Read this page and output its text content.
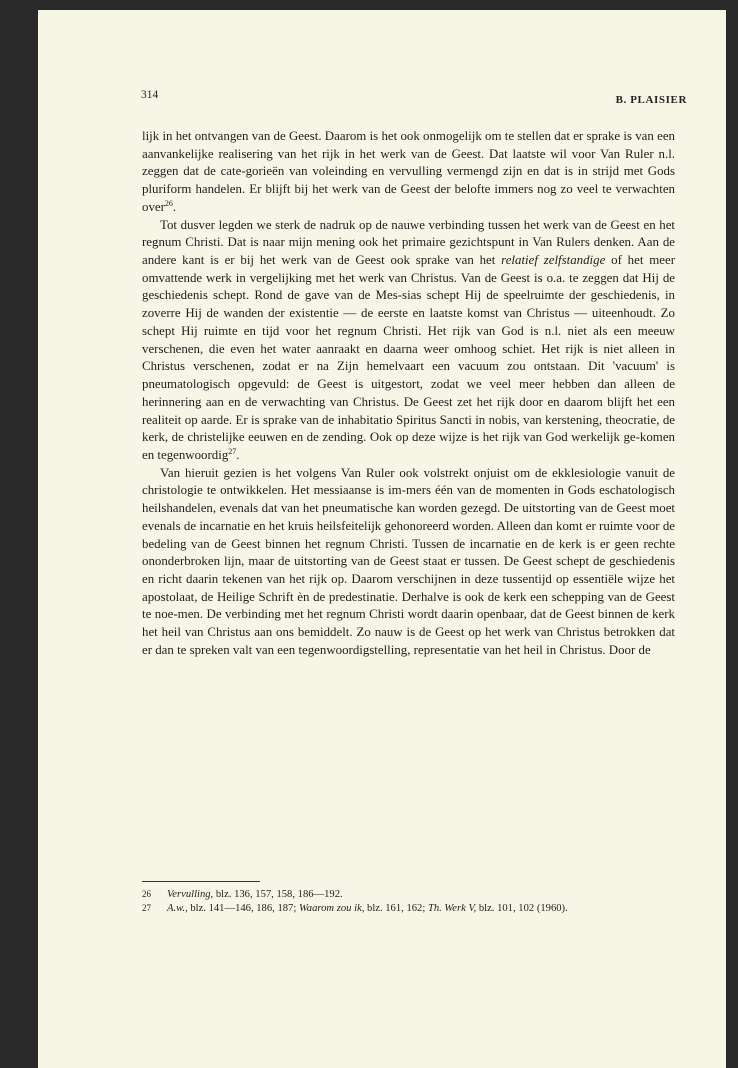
314	B. PLAISIER

lijk in het ontvangen van de Geest. Daarom is het ook onmogelijk om te stellen dat er sprake is van een aanvankelijke realisering van het rijk in het werk van de Geest. Dat laatste wil voor Van Ruler n.l. zeggen dat de cate-gorieën van voleinding en vervulling vermengd zijn en dat is in strijd met Gods pluriform handelen. Er blijft bij het werk van de Geest der belofte immers nog zo veel te verwachten over$^{26}$.

Tot dusver legden we sterk de nadruk op de nauwe verbinding tussen het werk van de Geest en het regnum Christi. Dat is naar mijn mening ook het primaire gezichtspunt in Van Rulers denken. Aan de andere kant is er bij het werk van de Geest ook sprake van het relatief zelfstandige of het meer omvattende werk in vergelijking met het werk van Christus. Van de Geest is o.a. te zeggen dat Hij de geschiedenis schept. Rond de gave van de Mes-sias schept Hij de speelruimte der geschiedenis, in zoverre Hij de wanden der existentie — de eerste en laatste komst van Christus — uiteenhoudt. Zo schept Hij ruimte en tijd voor het regnum Christi. Het rijk van God is n.l. niet als een meeuw verschenen, die even het water aanraakt en daarna weer omhoog schiet. Het rijk is niet alleen in Christus verschenen, zodat er na Zijn hemelvaart een vacuum zou ontstaan. Dit 'vacuum' is pneumatologisch opgevuld: de Geest is uitgestort, zodat we veel meer hebben dan alleen de herinnering aan en de verwachting van Christus. De Geest zet het rijk door en daarom blijft het een realiteit op aarde. Er is sprake van de inhabitatio Spiritus Sancti in nobis, van kerstening, theocratie, de kerk, de christelijke eeuwen en de zending. Ook op deze wijze is het rijk van God werkelijk ge-komen en tegenwoordig$^{27}$.

Van hieruit gezien is het volgens Van Ruler ook volstrekt onjuist om de ekklesiologie vanuit de christologie te ontwikkelen. Het messiaanse is im-mers één van de momenten in Gods eschatologisch heilshandelen, evenals dat van het pneumatische kan worden gezegd. De uitstorting van de Geest moet evenals de incarnatie en het kruis heilsfeitelijk gehonoreerd worden. Alleen dan komt er ruimte voor de bedeling van de Geest binnen het regnum Christi. Tussen de incarnatie en de kerk is er geen rechte ononderbroken lijn, maar de uitstorting van de Geest staat er tussen. De Geest schept de geschiedenis en richt daarin tekenen van het rijk op. Daarom verschijnen in deze tussentijd op essentiële wijze het apostolaat, de Heilige Schrift èn de predestinatie. Derhalve is ook de kerk een schepping van de Geest te noe-men. De verbinding met het regnum Christi wordt daarin openbaar, dat de Geest binnen de kerk het heil van Christus aan ons bemiddelt. Zo nauw is de Geest op het werk van Christus betrokken dat er dan te spreken valt van een tegenwoordigstelling, representatie van het heil in Christus. Door de

26 Vervulling, blz. 136, 157, 158, 186—192.
27 A.w., blz. 141—146, 186, 187; Waarom zou ik, blz. 161, 162; Th. Werk V, blz. 101, 102 (1960).
